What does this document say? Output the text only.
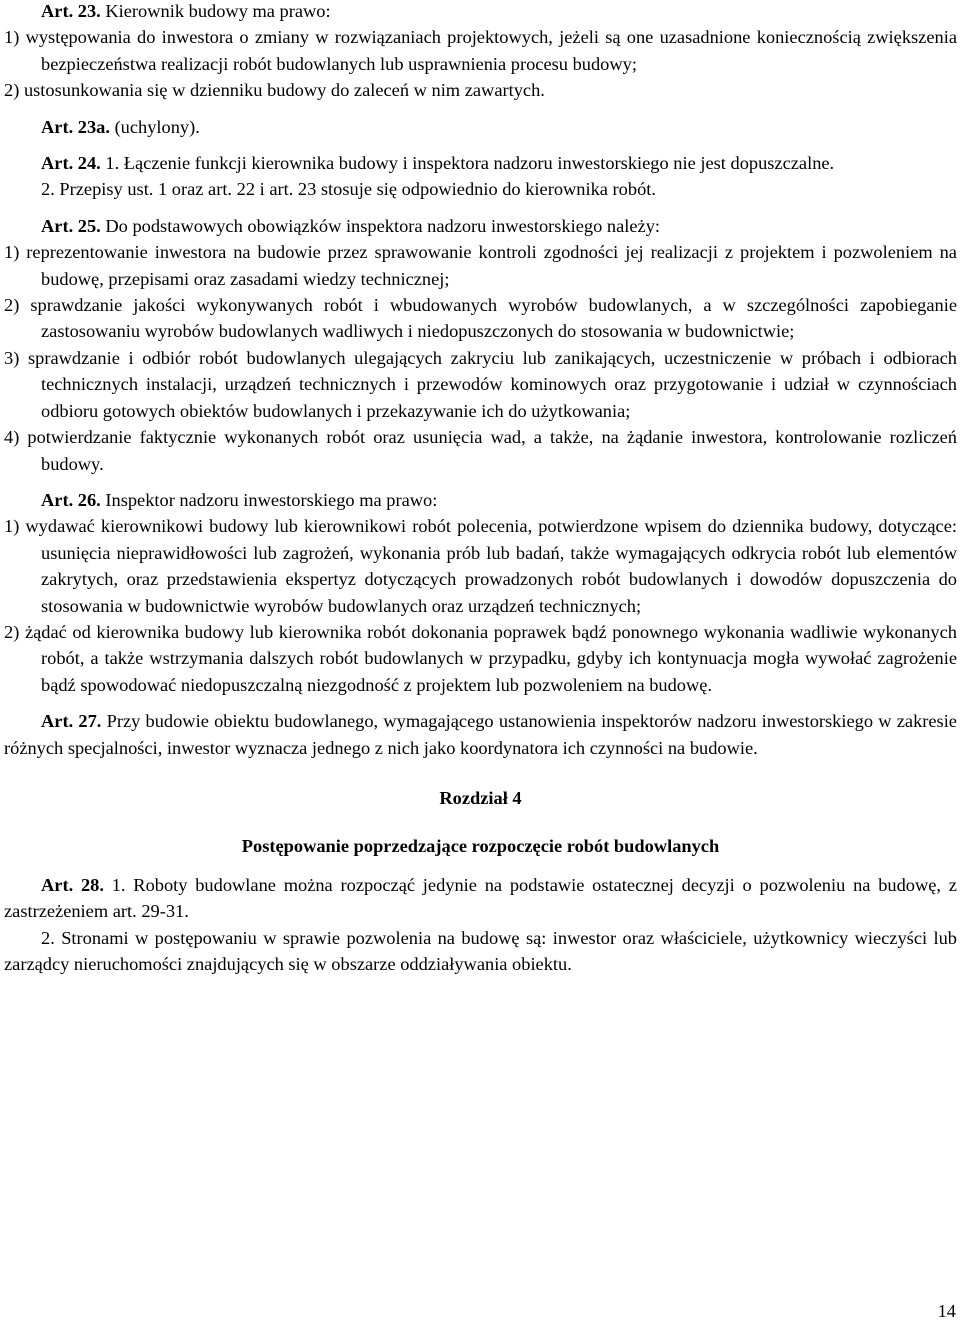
Art. 23. Kierownik budowy ma prawo:

1) występowania do inwestora o zmiany w rozwiązaniach projektowych, jeżeli są one uzasadnione koniecznością zwiększenia bezpieczeństwa realizacji robót budowlanych lub usprawnienia procesu budowy;

2) ustosunkowania się w dzienniku budowy do zaleceń w nim zawartych.

Art. 23a. (uchylony).

Art. 24. 1. Łączenie funkcji kierownika budowy i inspektora nadzoru inwestorskiego nie jest dopuszczalne.

2. Przepisy ust. 1 oraz art. 22 i art. 23 stosuje się odpowiednio do kierownika robót.

Art. 25. Do podstawowych obowiązków inspektora nadzoru inwestorskiego należy:

1) reprezentowanie inwestora na budowie przez sprawowanie kontroli zgodności jej realizacji z projektem i pozwoleniem na budowę, przepisami oraz zasadami wiedzy technicznej;

2) sprawdzanie jakości wykonywanych robót i wbudowanych wyrobów budowlanych, a w szczególności zapobieganie zastosowaniu wyrobów budowlanych wadliwych i niedopuszczonych do stosowania w budownictwie;

3) sprawdzanie i odbiór robót budowlanych ulegających zakryciu lub zanikających, uczestniczenie w próbach i odbiorach technicznych instalacji, urządzeń technicznych i przewodów kominowych oraz przygotowanie i udział w czynnościach odbioru gotowych obiektów budowlanych i przekazywanie ich do użytkowania;

4) potwierdzanie faktycznie wykonanych robót oraz usunięcia wad, a także, na żądanie inwestora, kontrolowanie rozliczeń budowy.

Art. 26. Inspektor nadzoru inwestorskiego ma prawo:

1) wydawać kierownikowi budowy lub kierownikowi robót polecenia, potwierdzone wpisem do dziennika budowy, dotyczące: usunięcia nieprawidłowości lub zagrożeń, wykonania prób lub badań, także wymagających odkrycia robót lub elementów zakrytych, oraz przedstawienia ekspertyz dotyczących prowadzonych robót budowlanych i dowodów dopuszczenia do stosowania w budownictwie wyrobów budowlanych oraz urządzeń technicznych;

2) żądać od kierownika budowy lub kierownika robót dokonania poprawek bądź ponownego wykonania wadliwie wykonanych robót, a także wstrzymania dalszych robót budowlanych w przypadku, gdyby ich kontynuacja mogła wywołać zagrożenie bądź spowodować niedopuszczalną niezgodność z projektem lub pozwoleniem na budowę.

Art. 27. Przy budowie obiektu budowlanego, wymagającego ustanowienia inspektorów nadzoru inwestorskiego w zakresie różnych specjalności, inwestor wyznacza jednego z nich jako koordynatora ich czynności na budowie.

Rozdział 4

Postępowanie poprzedzające rozpoczęcie robót budowlanych

Art. 28. 1. Roboty budowlane można rozpocząć jedynie na podstawie ostatecznej decyzji o pozwoleniu na budowę, z zastrzeżeniem art. 29-31.

2. Stronami w postępowaniu w sprawie pozwolenia na budowę są: inwestor oraz właściciele, użytkownicy wieczyści lub zarządcy nieruchomości znajdujących się w obszarze oddziaływania obiektu.

14
